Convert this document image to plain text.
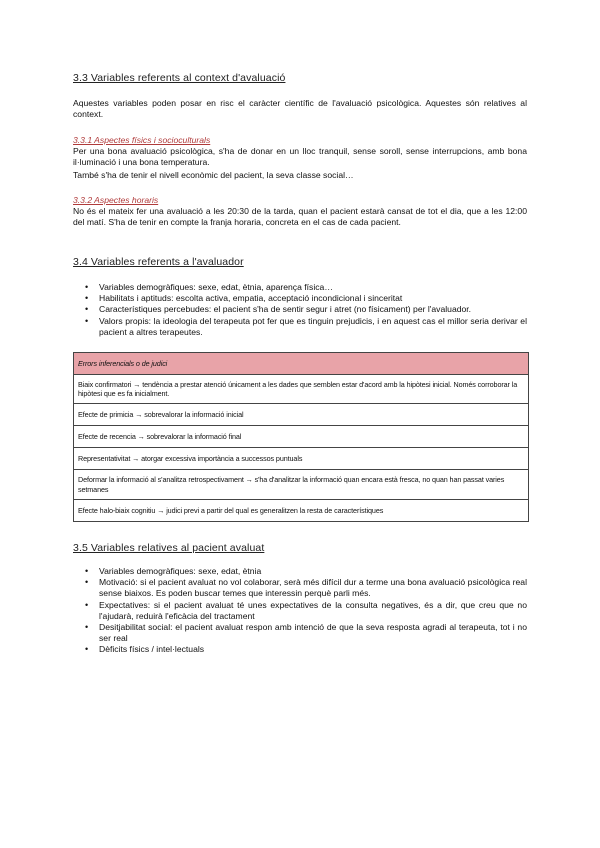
3.3 Variables referents al context d'avaluació
Aquestes variables poden posar en risc el caràcter científic de l'avaluació psicològica. Aquestes són relatives al context.
3.3.1 Aspectes físics i socioculturals
Per una bona avaluació psicològica, s'ha de donar en un lloc tranquil, sense soroll, sense interrupcions, amb bona il·luminació i una bona temperatura.
També s'ha de tenir el nivell econòmic del pacient, la seva classe social…
3.3.2 Aspectes horaris
No és el mateix fer una avaluació a les 20:30 de la tarda, quan el pacient estarà cansat de tot el dia, que a les 12:00 del matí. S'ha de tenir en compte la franja horaria, concreta en el cas de cada pacient.
3.4 Variables referents a l'avaluador
• Variables demogràfiques: sexe, edat, ètnia, aparença física…
• Habilitats i aptituds: escolta activa, empatia, acceptació incondicional i sinceritat
• Característiques percebudes: el pacient s'ha de sentir segur i atret (no físicament) per l'avaluador.
• Valors propis: la ideologia del terapeuta pot fer que es tinguin prejudicis, i en aquest cas el millor seria derivar el pacient a altres terapeutes.
Errors inferencials o de judici
Biaix confirmatori → tendència a prestar atenció únicament a les dades que semblen estar d'acord amb la hipòtesi inicial. Només corroborar la hipòtesi que es fa inicialment.
Efecte de primicia → sobrevalorar la informació inicial
Efecte de recencia → sobrevalorar la informació final
Representativitat → atorgar excessiva importància a successos puntuals
Deformar la informació al s'analitza retrospectivament → s'ha d'analitzar la informació quan encara està fresca, no quan han passat varies setmanes
Efecte halo-biaix cognitiu → judici previ a partir del qual es generalitzen la resta de característiques
3.5 Variables relatives al pacient avaluat
• Variables demogràfiques: sexe, edat, ètnia
• Motivació: si el pacient avaluat no vol colaborar, serà més difícil dur a terme una bona avaluació psicològica real sense biaixos. Es poden buscar temes que interessin perquè parli més.
• Expectatives: si el pacient avaluat té unes expectatives de la consulta negatives, és a dir, que creu que no l'ajudarà, reduirà l'eficàcia del tractament
• Desitjabilitat social: el pacient avaluat respon amb intenció de que la seva resposta agradi al terapeuta, tot i no ser real
• Dèficits físics / intel·lectuals
